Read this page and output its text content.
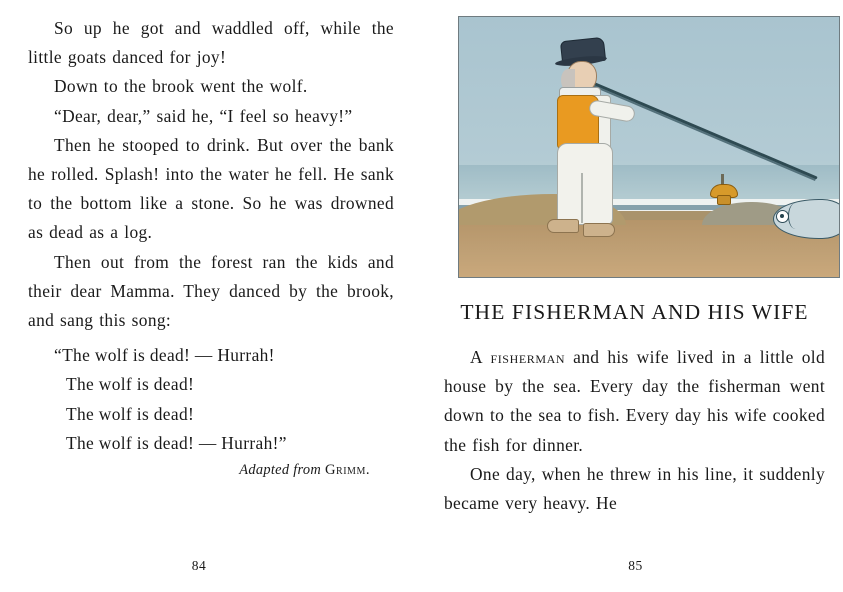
So up he got and waddled off, while the little goats danced for joy!

Down to the brook went the wolf.

“Dear, dear,” said he, “I feel so heavy!”

Then he stooped to drink. But over the bank he rolled. Splash! into the water he fell. He sank to the bottom like a stone. So he was drowned as dead as a log.

Then out from the forest ran the kids and their dear Mamma. They danced by the brook, and sang this song:

“The wolf is dead! — Hurrah!
The wolf is dead!
The wolf is dead!
The wolf is dead! — Hurrah!”
Adapted from Grimm.
84
THE FISHERMAN AND HIS WIFE

A fisherman and his wife lived in a little old house by the sea. Every day the fisherman went down to the sea to fish. Every day his wife cooked the fish for dinner.

One day, when he threw in his line, it suddenly became very heavy. He

85
